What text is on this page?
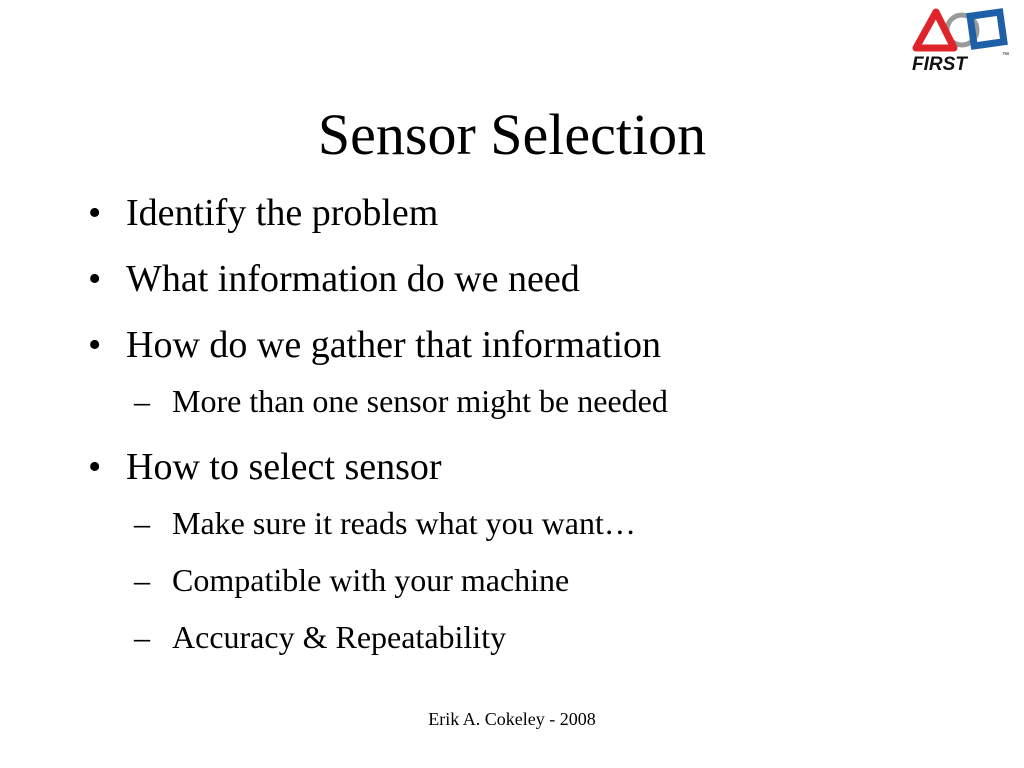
FIRST	™
Sensor Selection
• Identify the problem
• What information do we need
• How do we gather that information
– More than one sensor might be needed
• How to select sensor
– Make sure it reads what you want…
– Compatible with your machine
– Accuracy & Repeatability
Erik A. Cokeley - 2008
